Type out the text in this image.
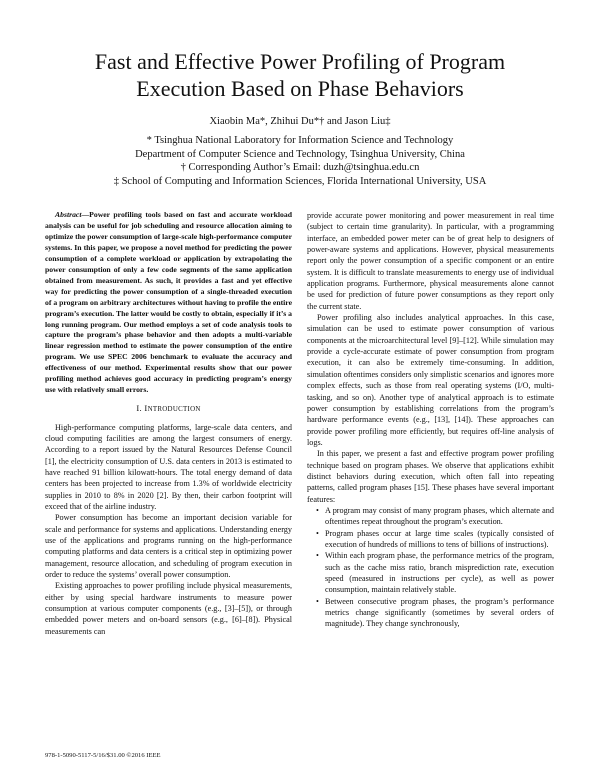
Fast and Effective Power Profiling of Program
Execution Based on Phase Behaviors
Xiaobin Ma*, Zhihui Du*† and Jason Liu‡
* Tsinghua National Laboratory for Information Science and Technology
Department of Computer Science and Technology, Tsinghua University, China
† Corresponding Author’s Email: duzh@tsinghua.edu.cn
‡ School of Computing and Information Sciences, Florida International University, USA

Abstract—Power profiling tools based on fast and accurate workload analysis can be useful for job scheduling and resource allocation aiming to optimize the power consumption of large-scale high-performance computer systems. In this paper, we propose a novel method for predicting the power consumption of a complete workload or application by extrapolating the power consumption of only a few code segments of the same application obtained from measurement. As such, it provides a fast and yet effective way for predicting the power consumption of a single-threaded execution of a program on arbitrary architectures without having to profile the entire program’s execution. The latter would be costly to obtain, especially if it’s a long running program. Our method employs a set of code analysis tools to capture the program’s phase behavior and then adopts a multi-variable linear regression method to estimate the power consumption of the entire program. We use SPEC 2006 benchmark to evaluate the accuracy and effectiveness of our method. Experimental results show that our power profiling method achieves good accuracy in predicting program’s energy use with relatively small errors.

I. INTRODUCTION

High-performance computing platforms, large-scale data centers, and cloud computing facilities are among the largest consumers of energy. According to a report issued by the Natural Resources Defense Council [1], the electricity consumption of U.S. data centers in 2013 is estimated to have reached 91 billion kilowatt-hours. The total energy demand of data centers has been projected to increase from 1.3% of worldwide electricity supplies in 2010 to 8% in 2020 [2]. By then, their carbon footprint will exceed that of the airline industry.

Power consumption has become an important decision variable for scale and performance for systems and applications. Understanding energy use of the applications and programs running on the high-performance computing platforms and data centers is a critical step in optimizing power management, resource allocation, and scheduling of program execution in order to reduce the systems’ overall power consumption.

Existing approaches to power profiling include physical measurements, either by using special hardware instruments to measure power consumption at various computer components (e.g., [3]–[5]), or through embedded power meters and on-board sensors (e.g., [6]–[8]). Physical measurements can

provide accurate power monitoring and power measurement in real time (subject to certain time granularity). In particular, with a programming interface, an embedded power meter can be of great help to designers of power-aware systems and applications. However, physical measurements report only the power consumption of a specific component or an entire system. It is difficult to translate measurements to energy use of individual application programs. Furthermore, physical measurements alone cannot be used for prediction of future power consumptions as they report only the current state.

Power profiling also includes analytical approaches. In this case, simulation can be used to estimate power consumption of various components at the microarchitectural level [9]–[12]. While simulation may provide a cycle-accurate estimate of power consumption from program execution, it can also be extremely time-consuming. In addition, simulation oftentimes considers only simplistic scenarios and ignores more complex effects, such as those from real operating systems (I/O, multi-tasking, and so on). Another type of analytical approach is to estimate power consumption by establishing correlations from the program’s hardware performance events (e.g., [13], [14]). These approaches can provide power profiling more efficiently, but requires off-line analysis of logs.

In this paper, we present a fast and effective program power profiling technique based on program phases. We observe that applications exhibit distinct behaviors during execution, which often fall into repeating patterns, called program phases [15]. These phases have several important features:

• A program may consist of many program phases, which alternate and oftentimes repeat throughout the program’s execution.
• Program phases occur at large time scales (typically consisted of execution of hundreds of millions to tens of billions of instructions).
• Within each program phase, the performance metrics of the program, such as the cache miss ratio, branch misprediction rate, execution speed (measured in instructions per cycle), as well as power consumption, maintain relatively stable.
• Between consecutive program phases, the program’s performance metrics change significantly (sometimes by several orders of magnitude). They change synchronously,
978-1-5090-5117-5/16/$31.00 ©2016 IEEE
